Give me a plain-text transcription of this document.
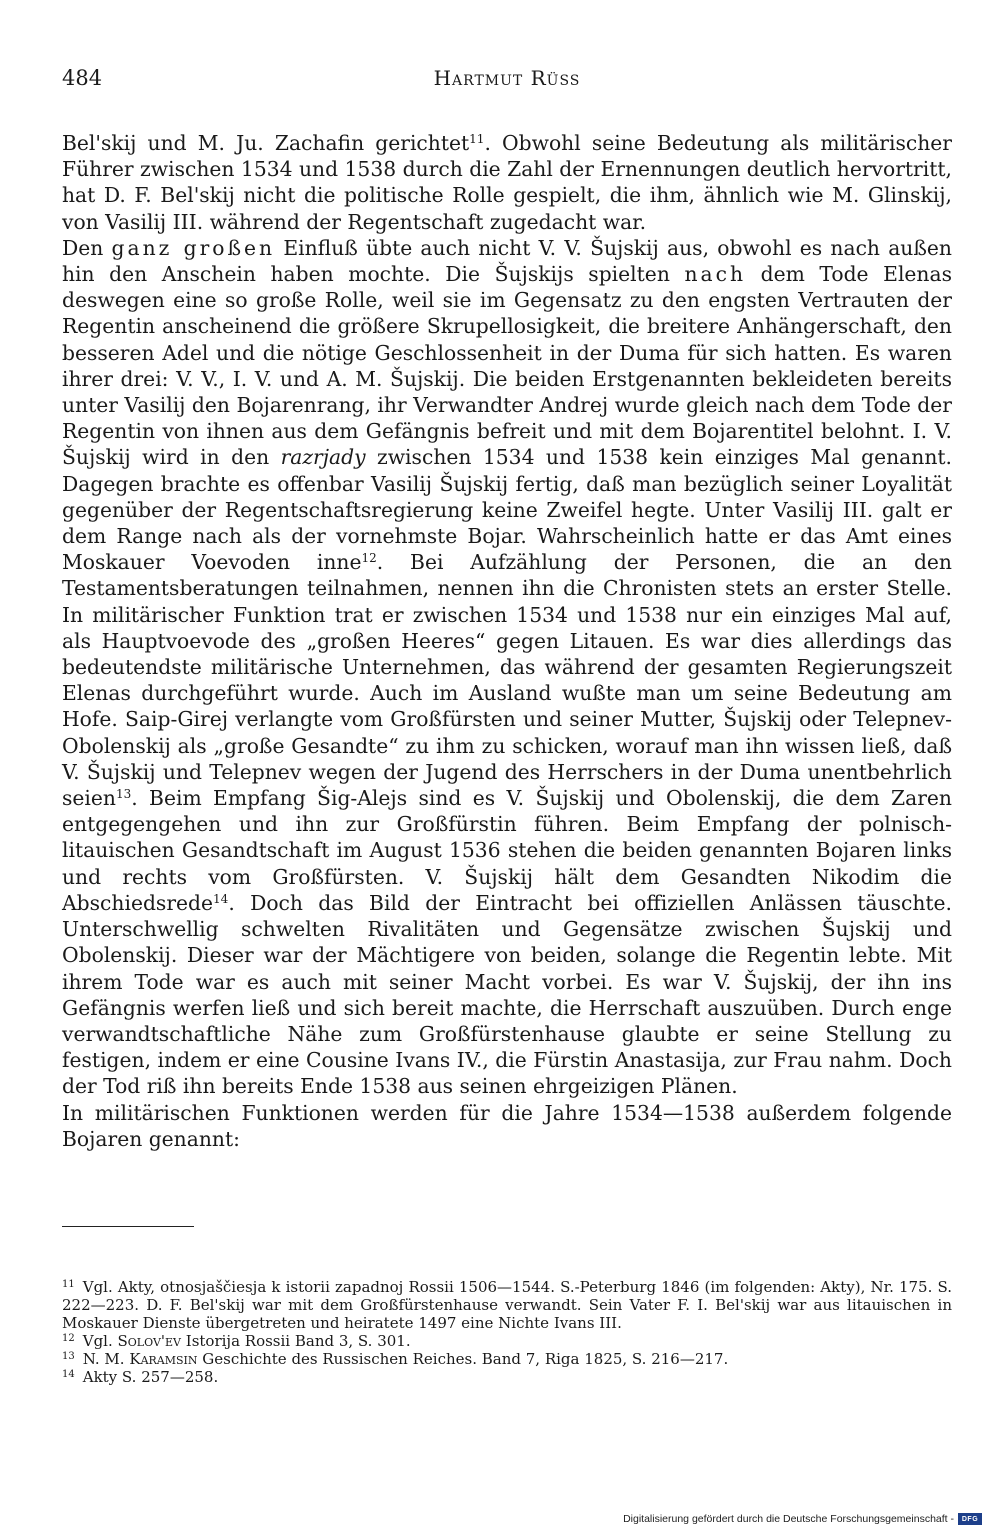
484	Hartmut Rüss

Bel'skij und M. Ju. Zachafin gerichtet$^{11}$. Obwohl seine Bedeutung als militärischer Führer zwischen 1534 und 1538 durch die Zahl der Ernennungen deutlich hervortritt, hat D. F. Bel'skij nicht die politische Rolle gespielt, die ihm, ähnlich wie M. Glinskij, von Vasilij III. während der Regentschaft zugedacht war.

Den ganz großen Einfluß übte auch nicht V. V. Šujskij aus, obwohl es nach außen hin den Anschein haben mochte. Die Šujskijs spielten nach dem Tode Elenas deswegen eine so große Rolle, weil sie im Gegensatz zu den engsten Vertrauten der Regentin anscheinend die größere Skrupellosigkeit, die breitere Anhängerschaft, den besseren Adel und die nötige Geschlossenheit in der Duma für sich hatten. Es waren ihrer drei: V. V., I. V. und A. M. Šujskij. Die beiden Erstgenannten bekleideten bereits unter Vasilij den Bojarenrang, ihr Verwandter Andrej wurde gleich nach dem Tode der Regentin von ihnen aus dem Gefängnis befreit und mit dem Bojarentitel belohnt. I. V. Šujskij wird in den razrjady zwischen 1534 und 1538 kein einziges Mal genannt. Dagegen brachte es offenbar Vasilij Šujskij fertig, daß man bezüglich seiner Loyalität gegenüber der Regentschaftsregierung keine Zweifel hegte. Unter Vasilij III. galt er dem Range nach als der vornehmste Bojar. Wahrscheinlich hatte er das Amt eines Moskauer Voevoden inne$^{12}$. Bei Aufzählung der Personen, die an den Testamentsberatungen teilnahmen, nennen ihn die Chronisten stets an erster Stelle. In militärischer Funktion trat er zwischen 1534 und 1538 nur ein einziges Mal auf, als Hauptvoevode des „großen Heeres“ gegen Litauen. Es war dies allerdings das bedeutendste militärische Unternehmen, das während der gesamten Regierungszeit Elenas durchgeführt wurde. Auch im Ausland wußte man um seine Bedeutung am Hofe. Saip-Girej verlangte vom Großfürsten und seiner Mutter, Šujskij oder Telepnev-Obolenskij als „große Gesandte“ zu ihm zu schicken, worauf man ihn wissen ließ, daß V. Šujskij und Telepnev wegen der Jugend des Herrschers in der Duma unentbehrlich seien$^{13}$. Beim Empfang Šig-Alejs sind es V. Šujskij und Obolenskij, die dem Zaren entgegengehen und ihn zur Großfürstin führen. Beim Empfang der polnisch-litauischen Gesandtschaft im August 1536 stehen die beiden genannten Bojaren links und rechts vom Großfürsten. V. Šujskij hält dem Gesandten Nikodim die Abschiedsrede$^{14}$. Doch das Bild der Eintracht bei offiziellen Anlässen täuschte. Unterschwellig schwelten Rivalitäten und Gegensätze zwischen Šujskij und Obolenskij. Dieser war der Mächtigere von beiden, solange die Regentin lebte. Mit ihrem Tode war es auch mit seiner Macht vorbei. Es war V. Šujskij, der ihn ins Gefängnis werfen ließ und sich bereit machte, die Herrschaft auszuüben. Durch enge verwandtschaftliche Nähe zum Großfürstenhause glaubte er seine Stellung zu festigen, indem er eine Cousine Ivans IV., die Fürstin Anastasija, zur Frau nahm. Doch der Tod riß ihn bereits Ende 1538 aus seinen ehrgeizigen Plänen.

In militärischen Funktionen werden für die Jahre 1534—1538 außerdem folgende Bojaren genannt:

$^{11}$ Vgl. Akty, otnosjaščiesja k istorii zapadnoj Rossii 1506—1544. S.-Peterburg 1846 (im folgenden: Akty), Nr. 175. S. 222—223. D. F. Bel'skij war mit dem Großfürstenhause verwandt. Sein Vater F. I. Bel'skij war aus litauischen in Moskauer Dienste übergetreten und heiratete 1497 eine Nichte Ivans III.

$^{12}$ Vgl. Solov'ev Istorija Rossii Band 3, S. 301.

$^{13}$ N. M. Karamsin Geschichte des Russischen Reiches. Band 7, Riga 1825, S. 216—217.

$^{14}$ Akty S. 257—258.

Digitalisierung gefördert durch die Deutsche Forschungsgemeinschaft -	DFG
